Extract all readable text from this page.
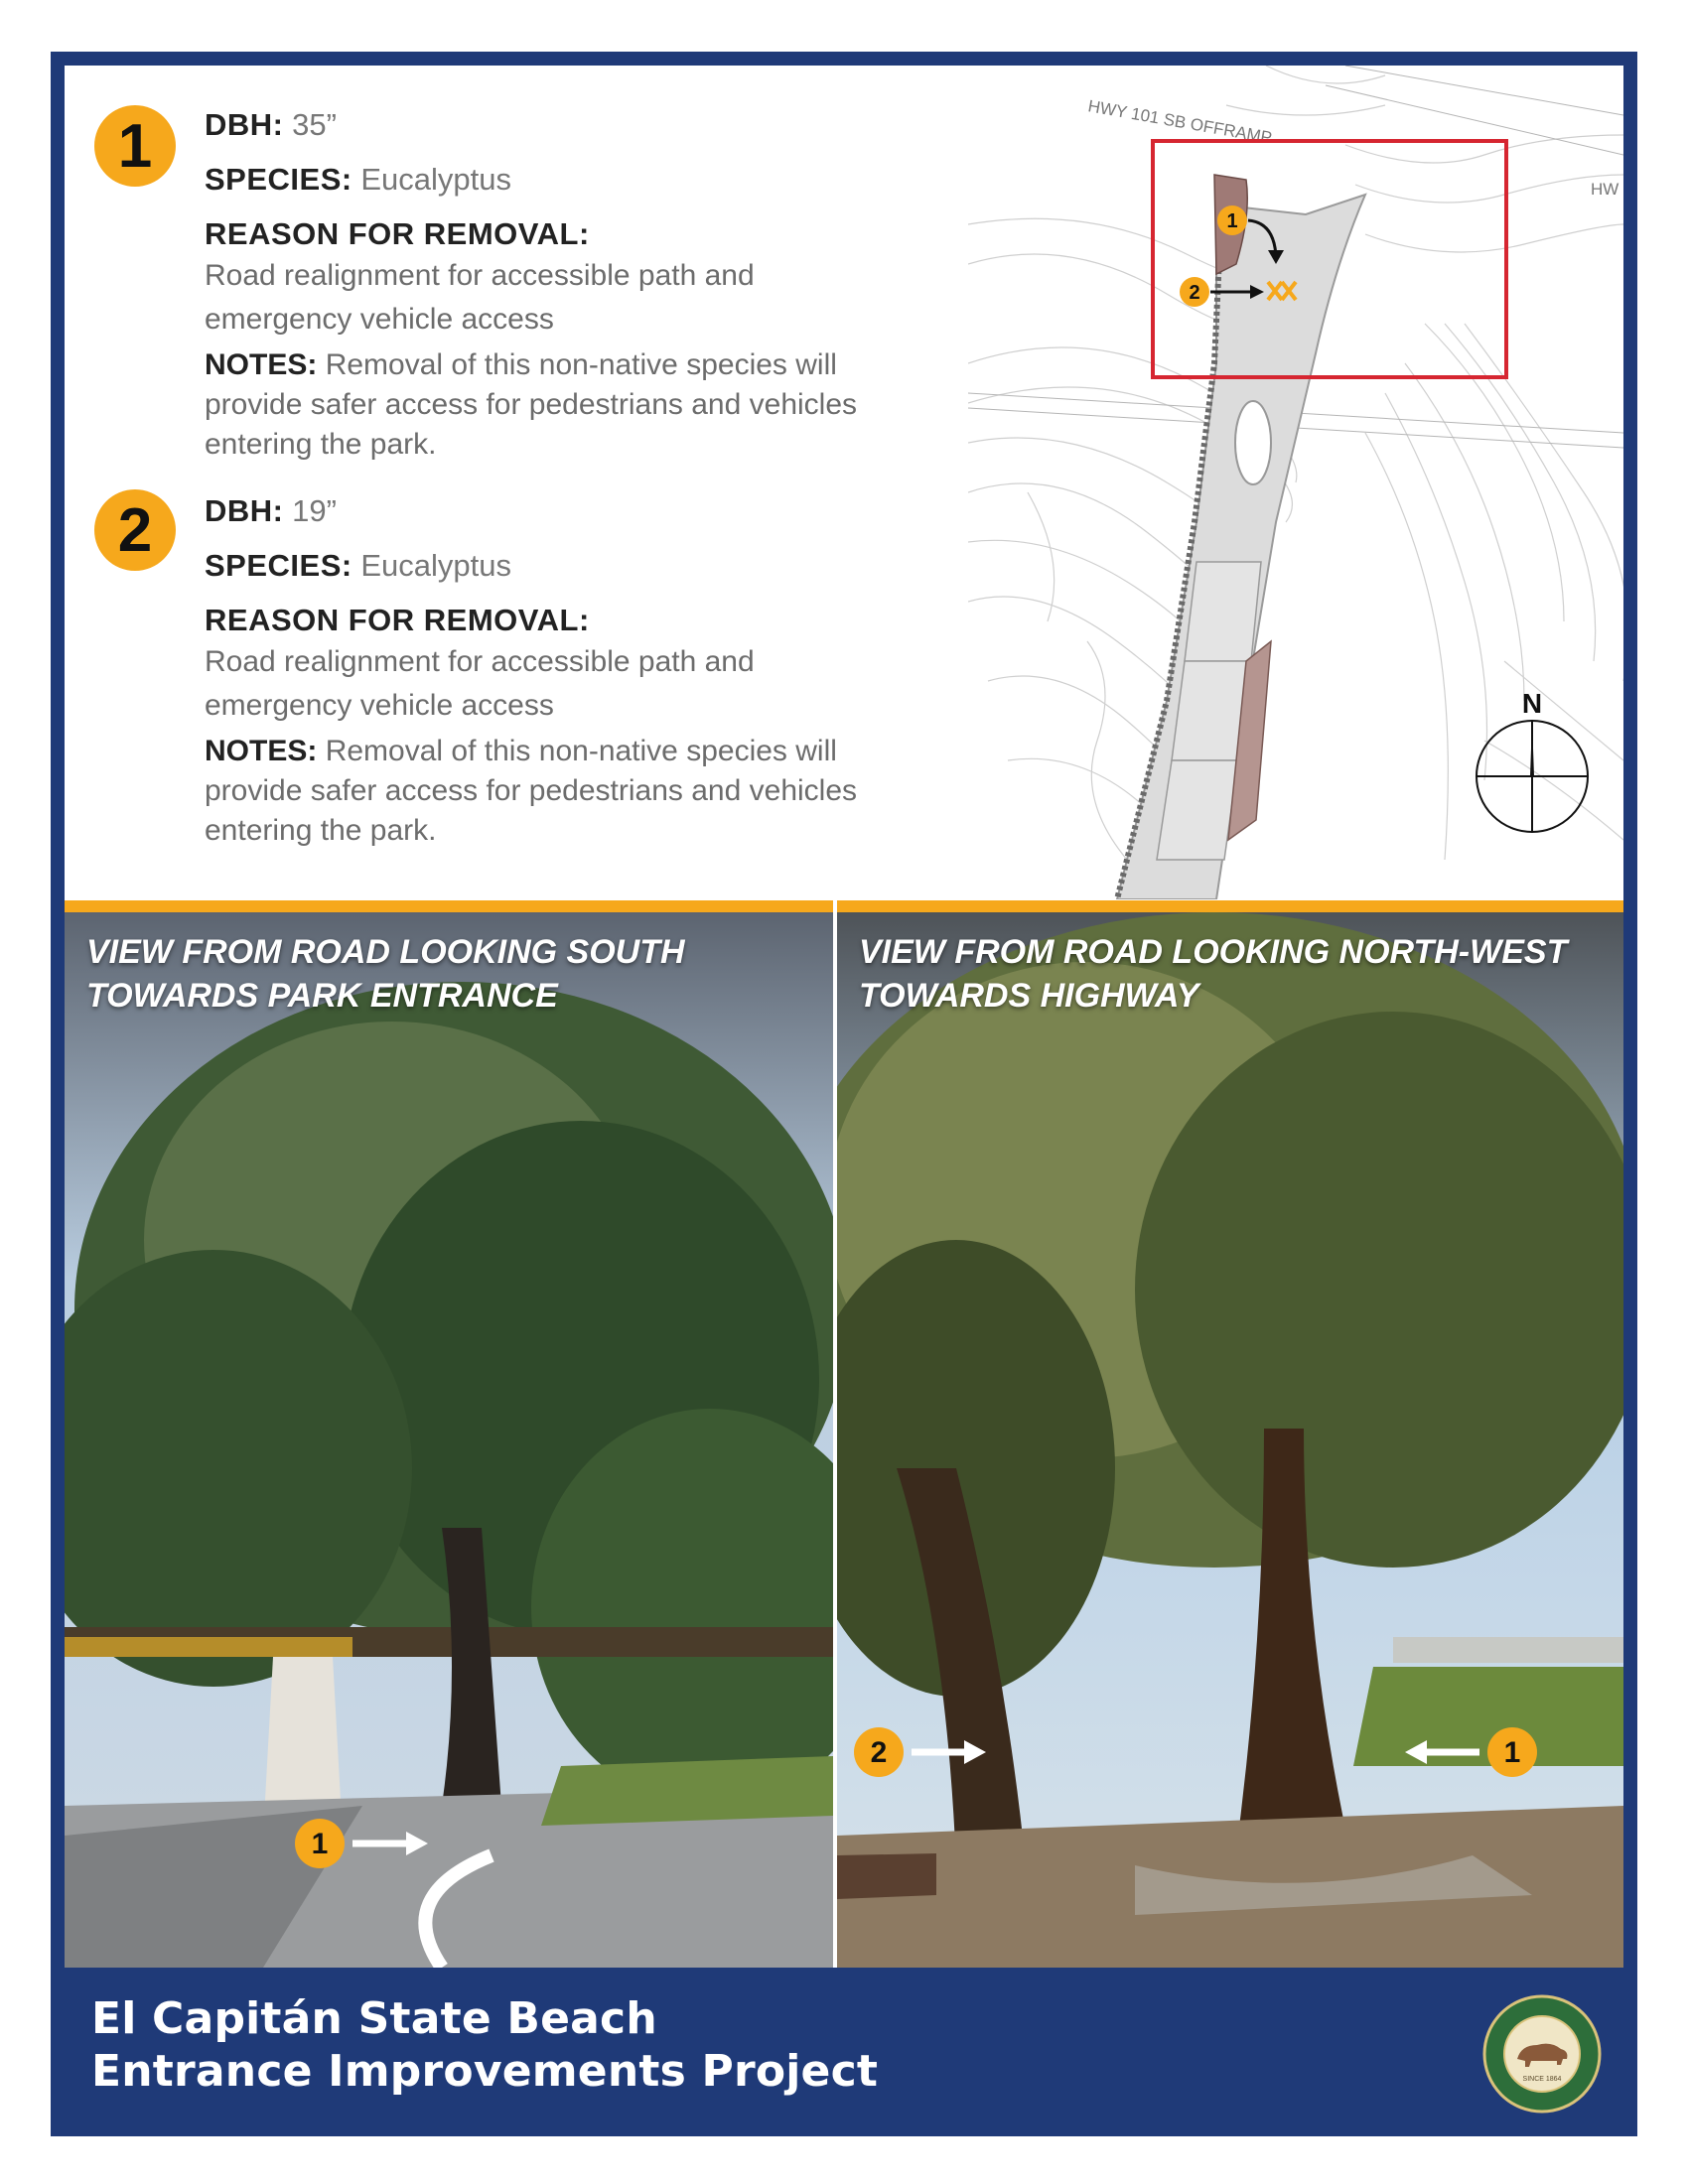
1	DBH: 35”
SPECIES: Eucalyptus
REASON FOR REMOVAL:
Road realignment for accessible path and
emergency vehicle access
NOTES: Removal of this non-native species will
provide safer access for pedestrians and vehicles
entering the park.
2	DBH: 19”
SPECIES: Eucalyptus
REASON FOR REMOVAL:
Road realignment for accessible path and
emergency vehicle access
NOTES: Removal of this non-native species will
provide safer access for pedestrians and vehicles
entering the park.
HWY 101 SB OFFRAMP
HW
1
2
N
1
VIEW FROM ROAD LOOKING SOUTH
TOWARDS PARK ENTRANCE
2	1
VIEW FROM ROAD LOOKING NORTH-WEST
TOWARDS HIGHWAY
El Capitán State Beach
Entrance Improvements Project	SINCE 1864
